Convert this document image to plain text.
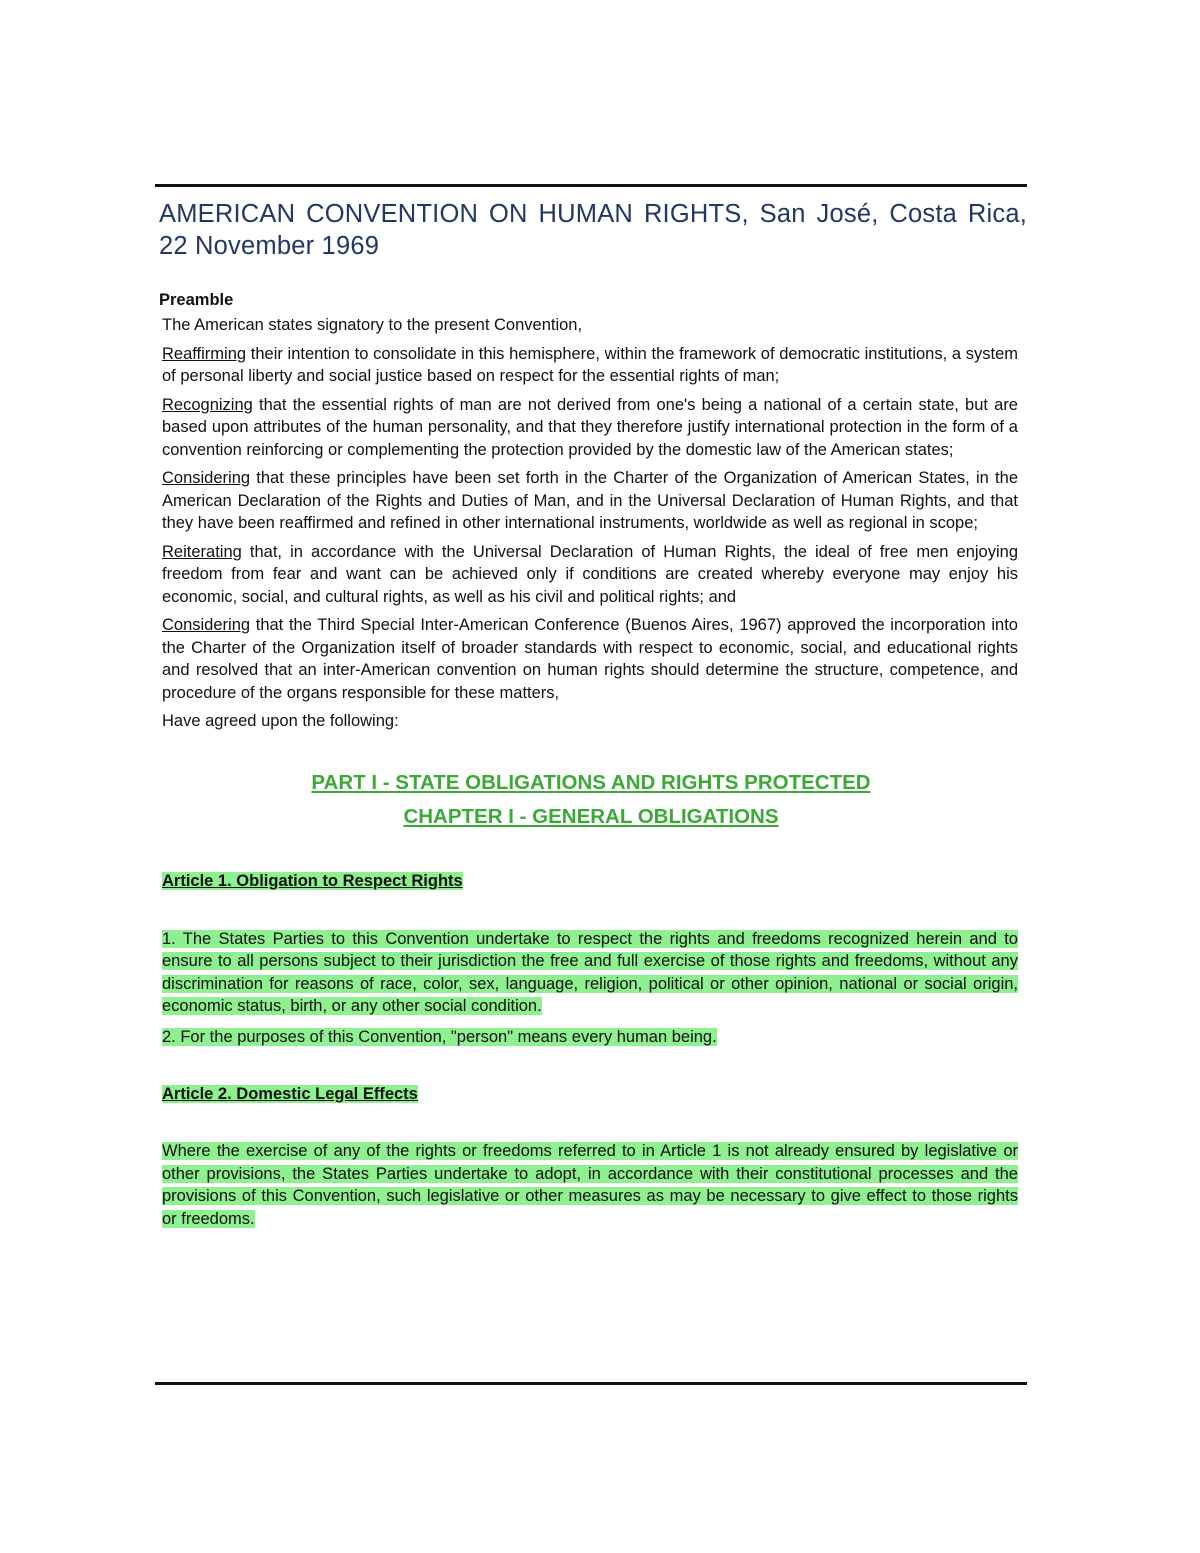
AMERICAN CONVENTION ON HUMAN RIGHTS, San José, Costa Rica, 22 November 1969
Preamble

The American states signatory to the present Convention,

Reaffirming their intention to consolidate in this hemisphere, within the framework of democratic institutions, a system of personal liberty and social justice based on respect for the essential rights of man;

Recognizing that the essential rights of man are not derived from one's being a national of a certain state, but are based upon attributes of the human personality, and that they therefore justify international protection in the form of a convention reinforcing or complementing the protection provided by the domestic law of the American states;

Considering that these principles have been set forth in the Charter of the Organization of American States, in the American Declaration of the Rights and Duties of Man, and in the Universal Declaration of Human Rights, and that they have been reaffirmed and refined in other international instruments, worldwide as well as regional in scope;

Reiterating that, in accordance with the Universal Declaration of Human Rights, the ideal of free men enjoying freedom from fear and want can be achieved only if conditions are created whereby everyone may enjoy his economic, social, and cultural rights, as well as his civil and political rights; and

Considering that the Third Special Inter-American Conference (Buenos Aires, 1967) approved the incorporation into the Charter of the Organization itself of broader standards with respect to economic, social, and educational rights and resolved that an inter-American convention on human rights should determine the structure, competence, and procedure of the organs responsible for these matters,

Have agreed upon the following:

PART I - STATE OBLIGATIONS AND RIGHTS PROTECTED

CHAPTER I - GENERAL OBLIGATIONS

Article 1. Obligation to Respect Rights

1. The States Parties to this Convention undertake to respect the rights and freedoms recognized herein and to ensure to all persons subject to their jurisdiction the free and full exercise of those rights and freedoms, without any discrimination for reasons of race, color, sex, language, religion, political or other opinion, national or social origin, economic status, birth, or any other social condition.

2. For the purposes of this Convention, "person" means every human being.

Article 2. Domestic Legal Effects

Where the exercise of any of the rights or freedoms referred to in Article 1 is not already ensured by legislative or other provisions, the States Parties undertake to adopt, in accordance with their constitutional processes and the provisions of this Convention, such legislative or other measures as may be necessary to give effect to those rights or freedoms.
